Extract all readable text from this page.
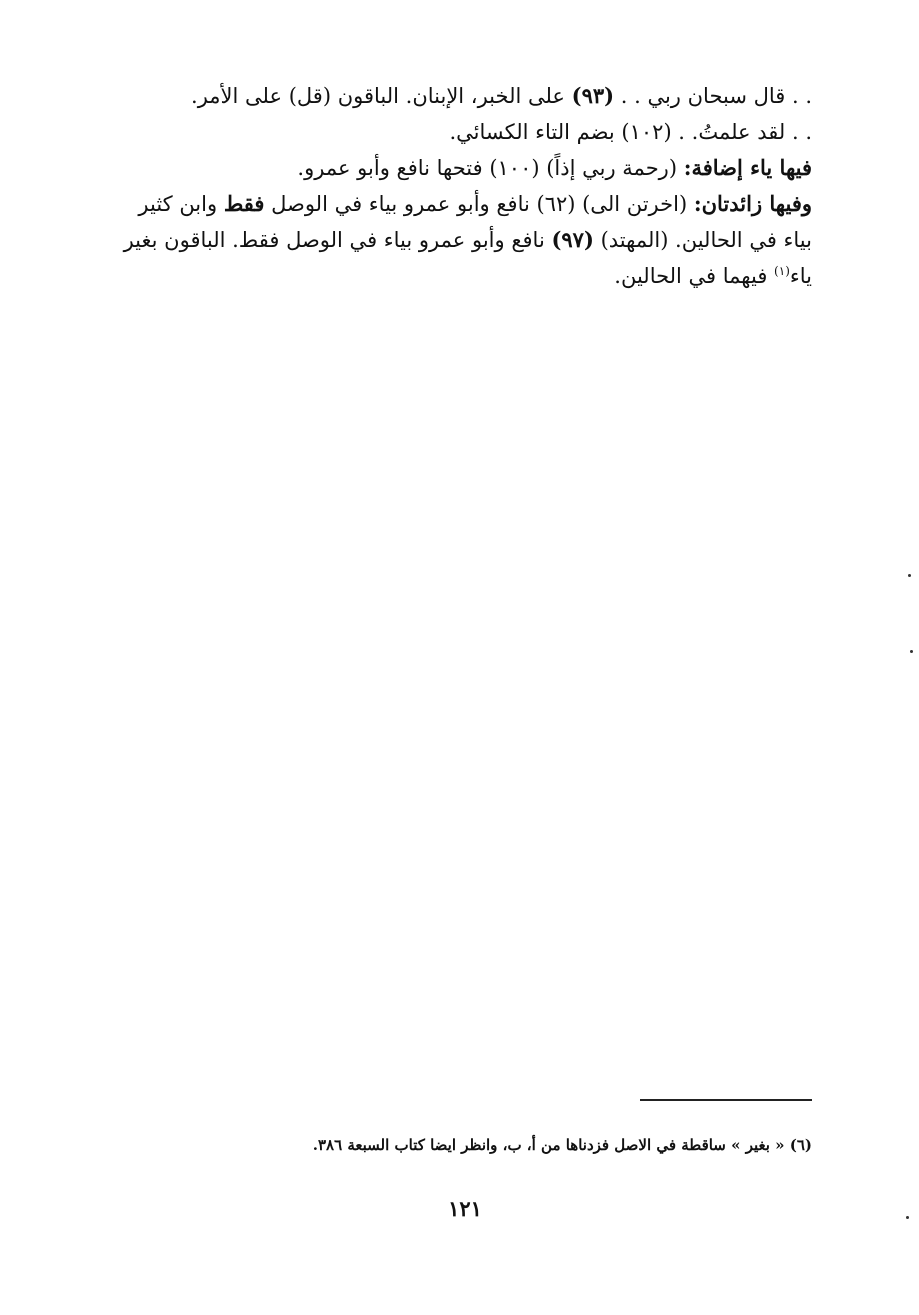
. . قال سبحان ربي . . (٩٣) على الخبر، الإبنان. الباقون (قل) على الأمر.

. . لقد علمتُ. . (١٠٢) بضم التاء الكسائي.

فيها ياء إضافة: (رحمة ربي إذاً) (١٠٠) فتحها نافع وأبو عمرو.

وفيها زائدتان: (اخرتن الى) (٦٢) نافع وأبو عمرو بياء في الوصل فقط وابن كثير

بياء في الحالين. (المهتد) (٩٧) نافع وأبو عمرو بياء في الوصل فقط. الباقون بغير

ياء$^{(١)}$ فيهما في الحالين.

(٦) « بغير » ساقطة في الاصل فزدناها من أ، ب، وانظر ايضا كتاب السبعة ٣٨٦.
١٢١
